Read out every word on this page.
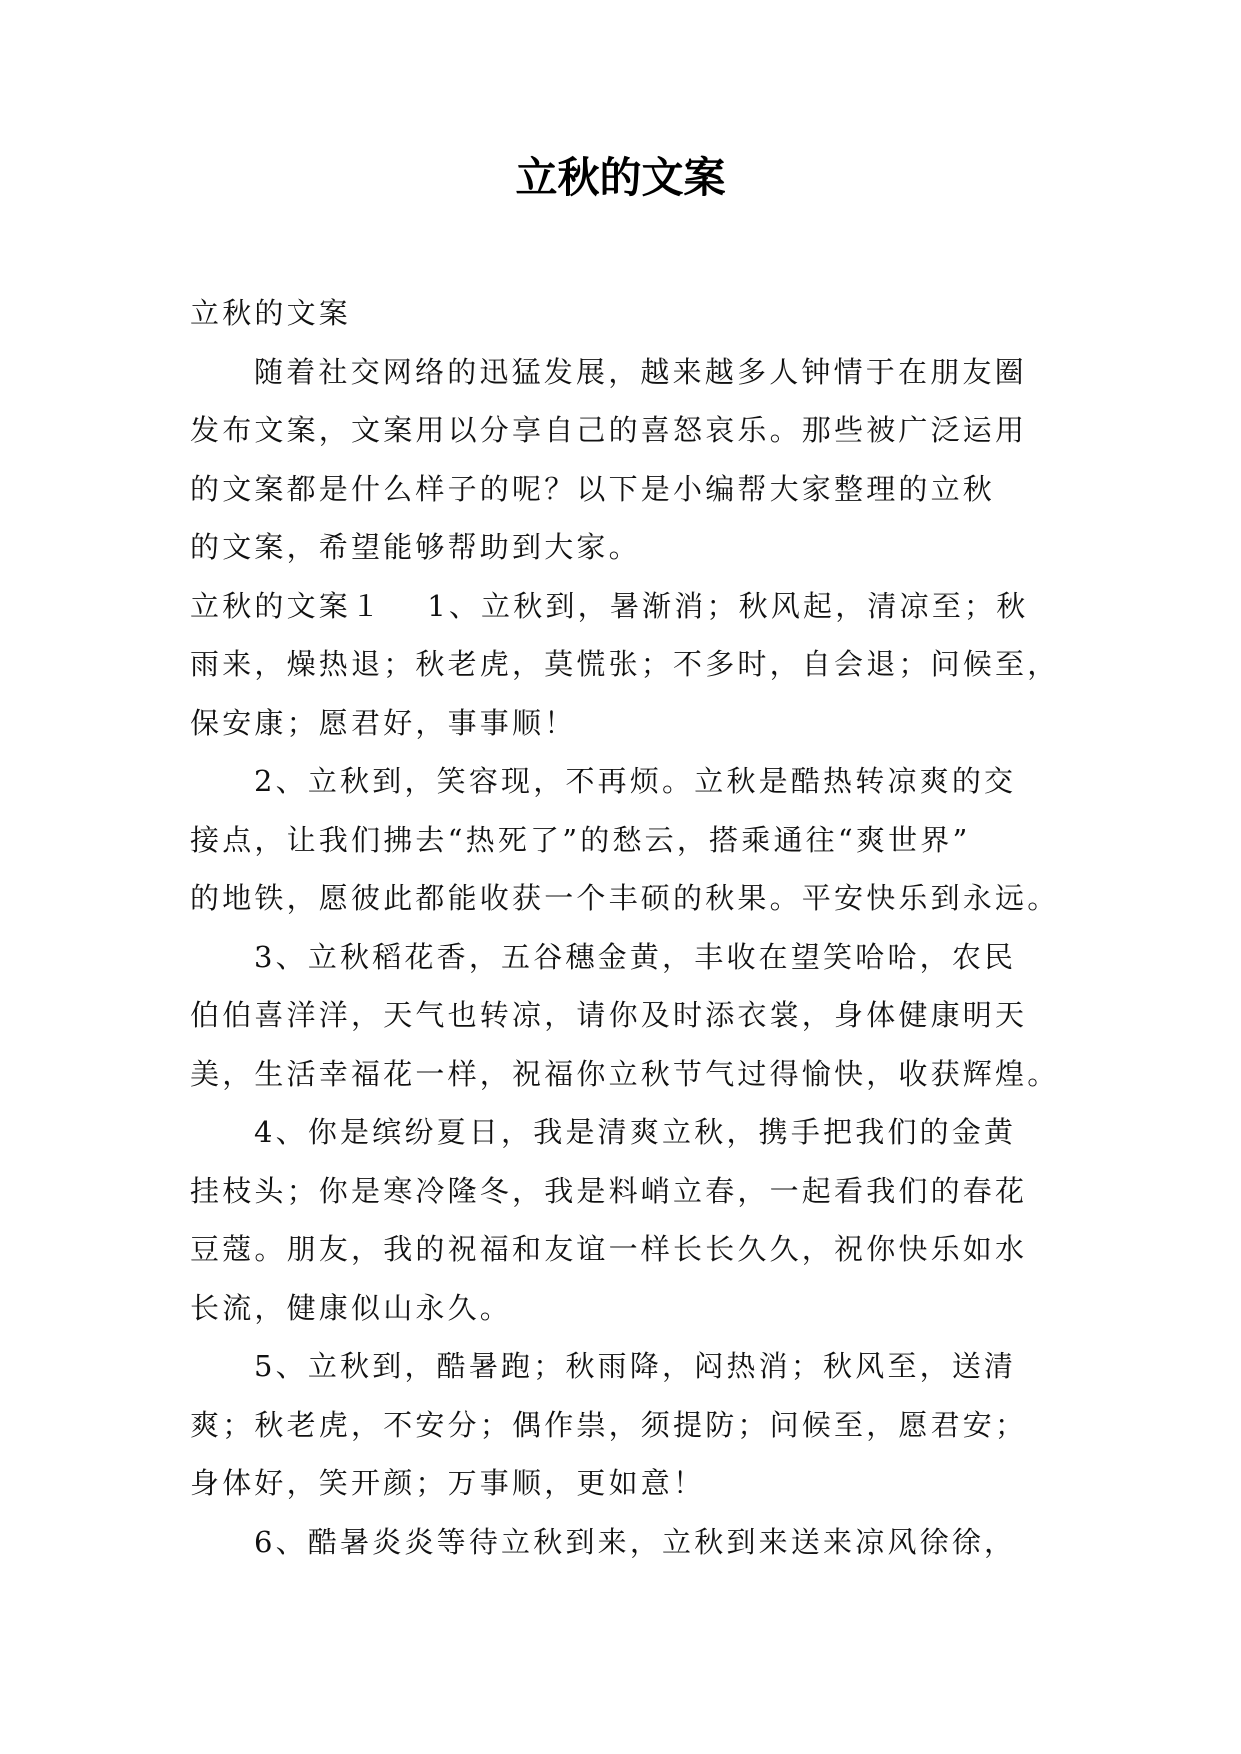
立秋的文案
立秋的文案
随着社交网络的迅猛发展，越来越多人钟情于在朋友圈
发布文案，文案用以分享自己的喜怒哀乐。那些被广泛运用
的文案都是什么样子的呢？以下是小编帮大家整理的立秋
的文案，希望能够帮助到大家。
立秋的文案１ 1、立秋到，暑渐消；秋风起，清凉至；秋
雨来，燥热退；秋老虎，莫慌张；不多时，自会退；问候至，
保安康；愿君好，事事顺！
2、立秋到，笑容现，不再烦。立秋是酷热转凉爽的交
接点，让我们拂去“热死了”的愁云，搭乘通往“爽世界”
的地铁，愿彼此都能收获一个丰硕的秋果。平安快乐到永远。
3、立秋稻花香，五谷穗金黄，丰收在望笑哈哈，农民
伯伯喜洋洋，天气也转凉，请你及时添衣裳，身体健康明天
美，生活幸福花一样，祝福你立秋节气过得愉快，收获辉煌。
4、你是缤纷夏日，我是清爽立秋，携手把我们的金黄
挂枝头；你是寒冷隆冬，我是料峭立春，一起看我们的春花
豆蔻。朋友，我的祝福和友谊一样长长久久，祝你快乐如水
长流，健康似山永久。
5、立秋到，酷暑跑；秋雨降，闷热消；秋风至，送清
爽；秋老虎，不安分；偶作祟，须提防；问候至，愿君安；
身体好，笑开颜；万事顺，更如意！
6、酷暑炎炎等待立秋到来，立秋到来送来凉风徐徐，
